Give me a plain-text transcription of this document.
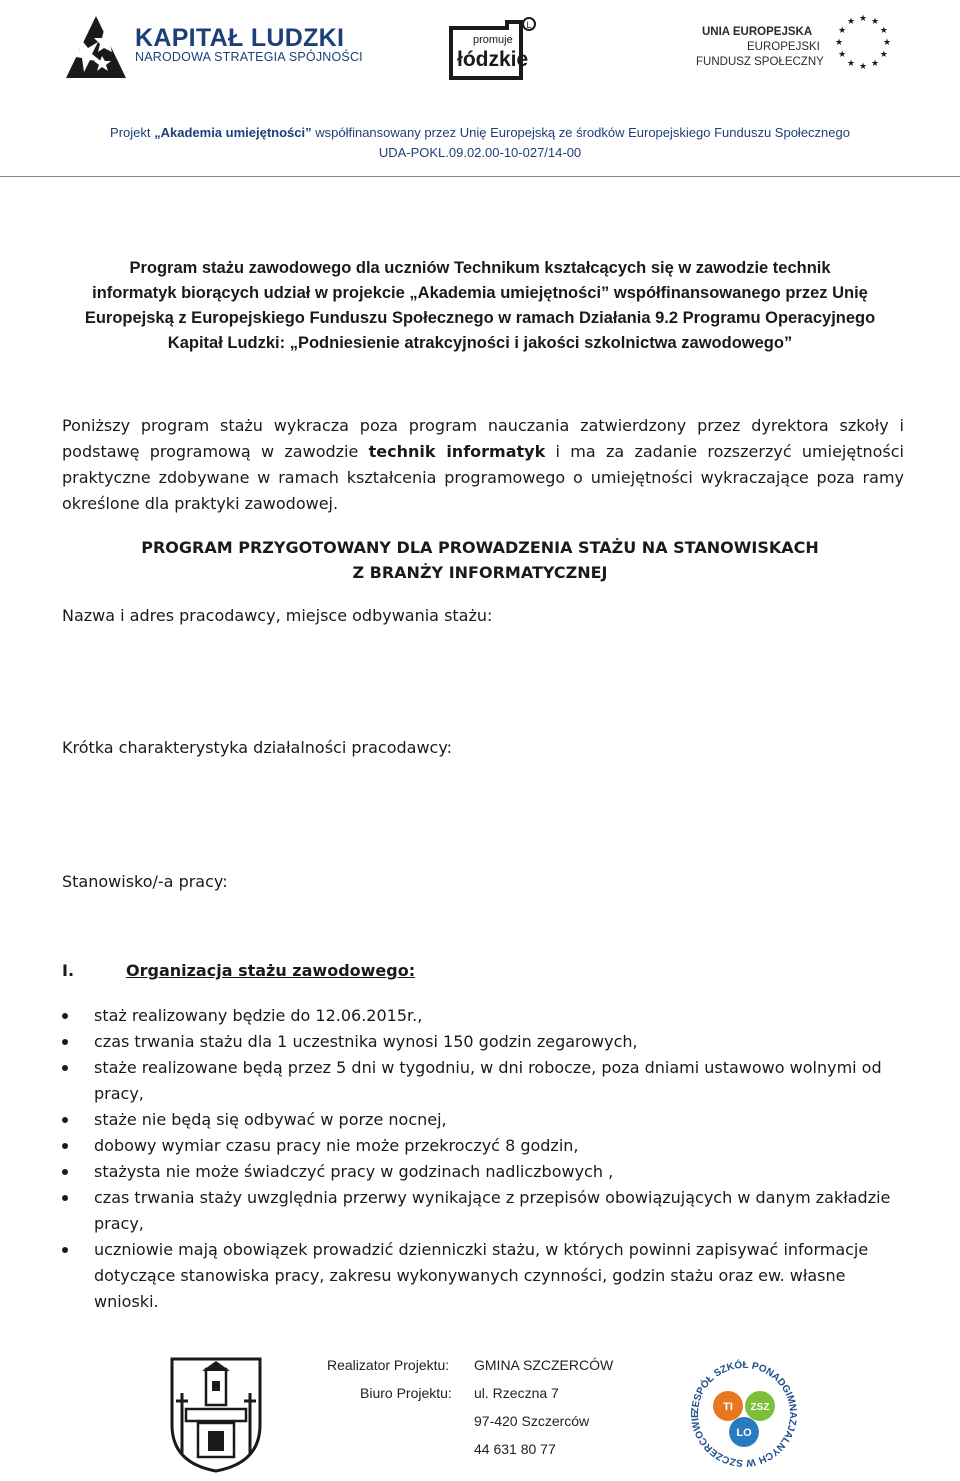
KAPITAŁ LUDZKI
NARODOWA STRATEGIA SPÓJNOŚCI
L
promuje
łódzkie
UNIA EUROPEJSKA
EUROPEJSKI
FUNDUSZ SPOŁECZNY
★
★
★
★
★
★
★
★
★ ★ ★
★
Projekt „Akademia umiejętności” współfinansowany przez Unię Europejską ze środków Europejskiego Funduszu Społecznego
UDA-POKL.09.02.00-10-027/14-00
Program stażu zawodowego dla uczniów Technikum kształcących się w zawodzie technik
informatyk biorących udział w projekcie „Akademia umiejętności” współfinansowanego przez Unię
Europejską z Europejskiego Funduszu Społecznego w ramach Działania 9.2 Programu Operacyjnego
Kapitał Ludzki: „Podniesienie atrakcyjności i jakości szkolnictwa zawodowego”
Poniższy program stażu wykracza poza program nauczania zatwierdzony przez dyrektora szkoły i podstawę programową w zawodzie technik informatyk i ma za zadanie rozszerzyć umiejętności praktyczne zdobywane w ramach kształcenia programowego o umiejętności wykraczające poza ramy określone dla praktyki zawodowej.
PROGRAM PRZYGOTOWANY DLA PROWADZENIA STAŻU NA STANOWISKACH
Z BRANŻY INFORMATYCZNEJ
Nazwa i adres pracodawcy, miejsce odbywania stażu:
Krótka charakterystyka działalności pracodawcy:
Stanowisko/-a pracy:
I.	Organizacja stażu zawodowego:
staż realizowany będzie do 12.06.2015r.,
czas trwania stażu dla 1 uczestnika wynosi 150 godzin zegarowych,
staże realizowane będą przez 5 dni w tygodniu, w dni robocze, poza dniami ustawowo wolnymi od pracy,
staże nie będą się odbywać w porze nocnej,
dobowy wymiar czasu pracy nie może przekroczyć 8 godzin,
stażysta nie może świadczyć pracy w godzinach nadliczbowych ,
czas trwania staży uwzględnia przerwy wynikające z przepisów obowiązujących w danym zakładzie pracy,
uczniowie mają obowiązek prowadzić dzienniczki stażu, w których powinni zapisywać informacje dotyczące stanowiska pracy, zakresu wykonywanych czynności, godzin stażu oraz ew. własne wnioski.
Realizator Projektu: GMINA SZCZERCÓW
Biuro Projektu: ul. Rzeczna 7
97-420 Szczerców
44 631 80 77
ZESPÓŁ SZKÓŁ PONADGIMNAZJALNYCH W SZCZERCOWIE
TI ZSZ
LO
